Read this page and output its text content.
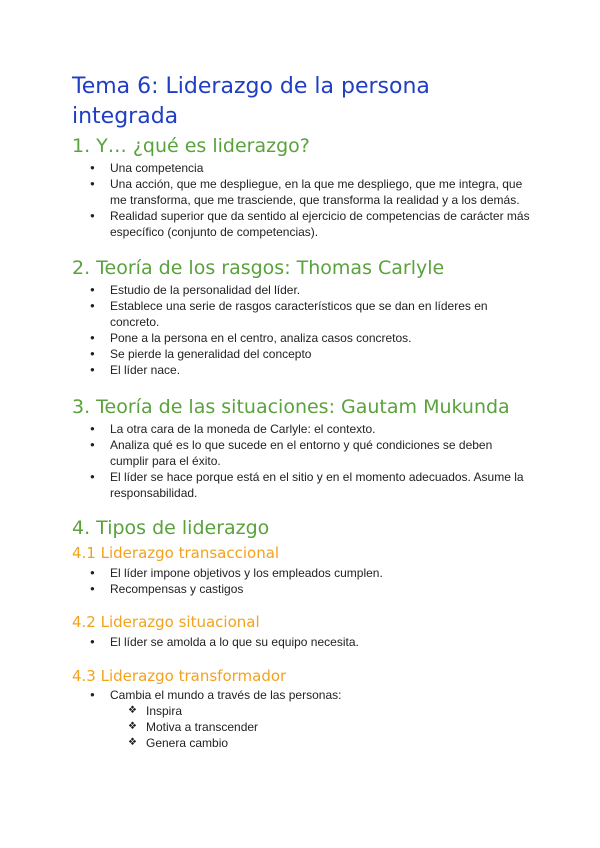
Tema 6: Liderazgo de la persona integrada
1. Y… ¿qué es liderazgo?
● Una competencia
● Una acción, que me despliegue, en la que me despliego, que me integra, que me transforma, que me trasciende, que transforma la realidad y a los demás.
● Realidad superior que da sentido al ejercicio de competencias de carácter más específico (conjunto de competencias).
2. Teoría de los rasgos: Thomas Carlyle
● Estudio de la personalidad del líder.
● Establece una serie de rasgos característicos que se dan en líderes en concreto.
● Pone a la persona en el centro, analiza casos concretos.
● Se pierde la generalidad del concepto
● El líder nace.
3. Teoría de las situaciones: Gautam Mukunda
● La otra cara de la moneda de Carlyle: el contexto.
● Analiza qué es lo que sucede en el entorno y qué condiciones se deben cumplir para el éxito.
● El líder se hace porque está en el sitio y en el momento adecuados. Asume la responsabilidad.
4. Tipos de liderazgo
4.1 Liderazgo transaccional
● El líder impone objetivos y los empleados cumplen.
● Recompensas y castigos
4.2 Liderazgo situacional
● El líder se amolda a lo que su equipo necesita.
4.3 Liderazgo transformador
● Cambia el mundo a través de las personas:
❖ Inspira
❖ Motiva a transcender
❖ Genera cambio
